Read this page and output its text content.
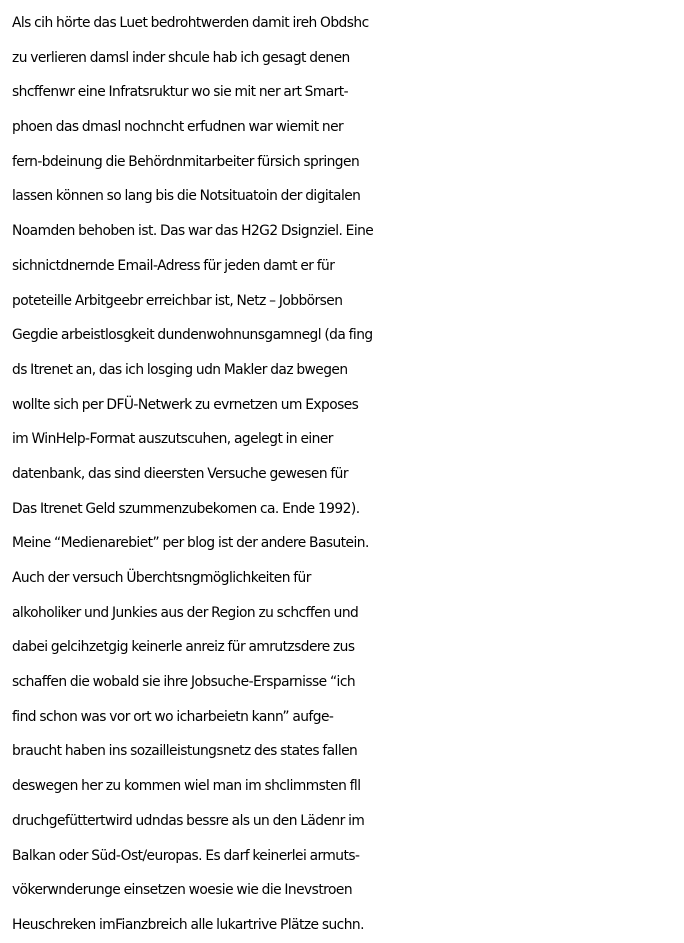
Als cih hörte das Luet bedrohtwerden damit ireh Obdshc
zu verlieren damsl inder shcule hab ich gesagt denen
shcffenwr eine Infratsruktur wo sie mit ner art Smart-
phoen das dmasl nochncht erfudnen war wiemit ner
fern-bdeinung die Behördnmitarbeiter fürsich springen
lassen können so lang bis die Notsituatoin der digitalen
Noamden behoben ist. Das war das H2G2 Dsignziel. Eine
sichnictdnernde Email-Adress für jeden damt er für
poteteille Arbitgeebr erreichbar ist, Netz – Jobbörsen
Gegdie arbeistlosgkeit dundenwohnunsgamnegl (da fing
ds Itrenet an, das ich losging udn Makler daz bwegen
wollte sich per DFÜ-Netwerk zu evrnetzen um Exposes
im WinHelp-Format auszutscuhen, agelegt in einer
datenbank, das sind dieersten Versuche gewesen für
Das Itrenet Geld szummenzubekomen ca. Ende 1992).
Meine “Medienarebiet” per blog ist der andere Basutein.
Auch der versuch Überchtsngmöglichkeiten für
alkoholiker und Junkies aus der Region zu schcffen und
dabei gelcihzetgig keinerle anreiz für amrutzsdere zus
schaffen die wobald sie ihre Jobsuche-Ersparnisse “ich
find schon was vor ort wo icharbeietn kann” aufge-
braucht haben ins sozailleistungsnetz des states fallen
deswegen her zu kommen wiel man im shclimmsten fll
druchgefüttertwird udndas bessre als un den Lädenr im
Balkan oder Süd-Ost/europas. Es darf keinerlei armuts-
vökerwnderunge einsetzen woesie wie die Inevstroen
Heuschreken imFianzbreich alle lukartrive Plätze suchn.
